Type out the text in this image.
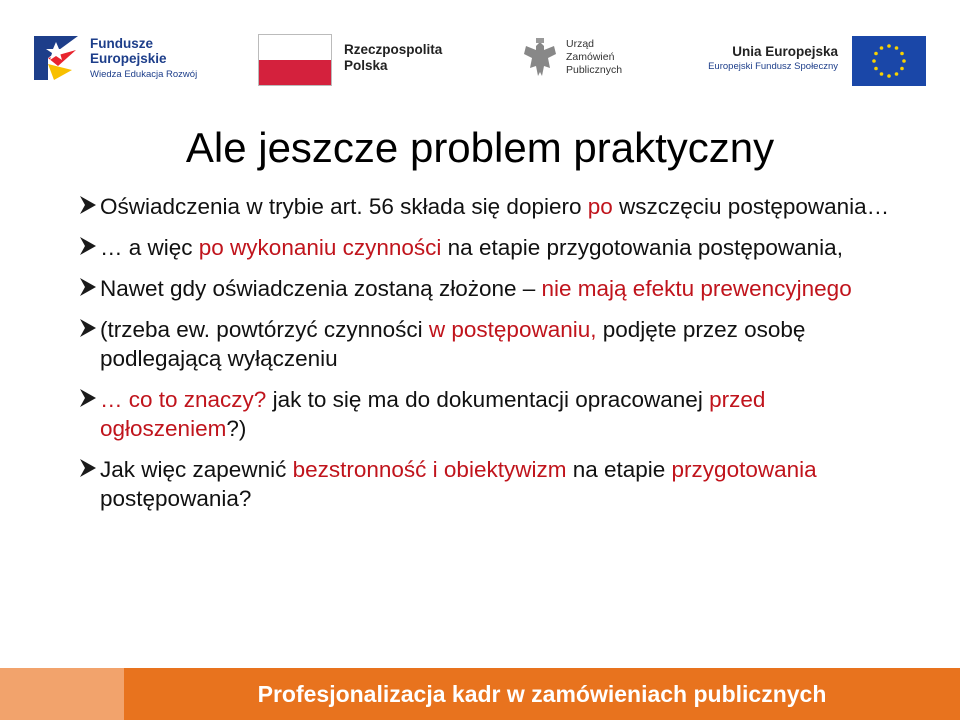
Fundusze
Europejskie
Wiedza Edukacja Rozwój
Rzeczpospolita
Polska
Urząd
Zamówień
Publicznych
Unia Europejska
Europejski Fundusz Społeczny
Ale jeszcze problem praktyczny
Oświadczenia w trybie art. 56 składa się dopiero po wszczęciu postępowania…
… a więc po wykonaniu czynności na etapie przygotowania postępowania,
Nawet gdy oświadczenia zostaną złożone – nie mają efektu prewencyjnego
(trzeba ew. powtórzyć czynności w postępowaniu, podjęte przez osobę podlegającą wyłączeniu
… co to znaczy? jak to się ma do dokumentacji opracowanej przed ogłoszeniem?)
Jak więc zapewnić bezstronność i obiektywizm na etapie przygotowania postępowania?
Profesjonalizacja kadr w zamówieniach publicznych
